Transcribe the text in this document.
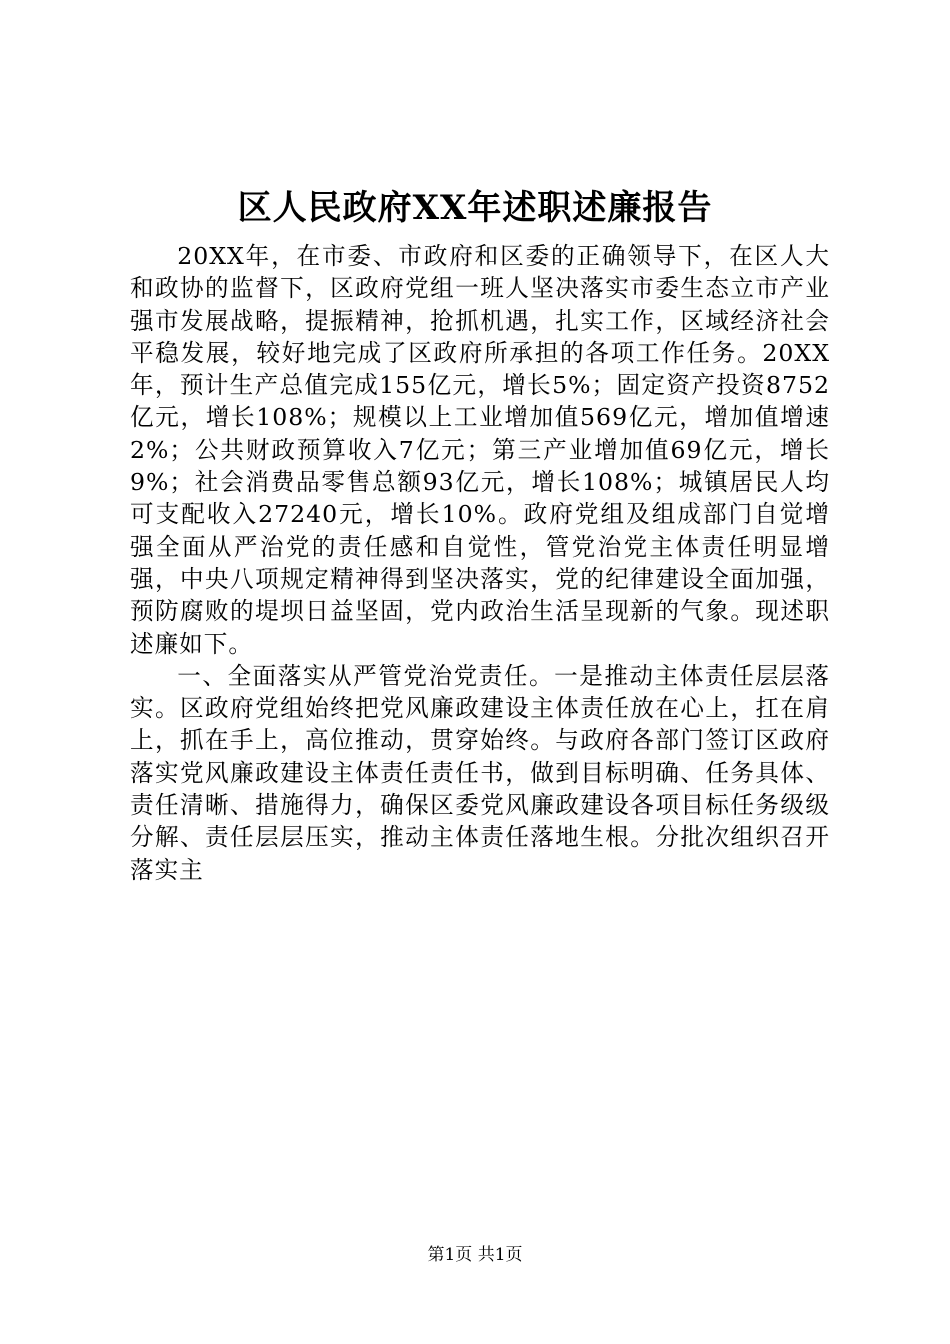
区人民政府XX年述职述廉报告

20XX年，在市委、市政府和区委的正确领导下，在区人大和政协的监督下，区政府党组一班人坚决落实市委生态立市产业强市发展战略，提振精神，抢抓机遇，扎实工作，区域经济社会平稳发展，较好地完成了区政府所承担的各项工作任务。20XX年，预计生产总值完成155亿元，增长5%；固定资产投资8752亿元，增长108%；规模以上工业增加值569亿元，增加值增速2%；公共财政预算收入7亿元；第三产业增加值69亿元，增长9%；社会消费品零售总额93亿元，增长108%；城镇居民人均可支配收入27240元，增长10%。政府党组及组成部门自觉增强全面从严治党的责任感和自觉性，管党治党主体责任明显增强，中央八项规定精神得到坚决落实，党的纪律建设全面加强，预防腐败的堤坝日益坚固，党内政治生活呈现新的气象。现述职述廉如下。

一、全面落实从严管党治党责任。一是推动主体责任层层落实。区政府党组始终把党风廉政建设主体责任放在心上，扛在肩上，抓在手上，高位推动，贯穿始终。与政府各部门签订区政府落实党风廉政建设主体责任责任书，做到目标明确、任务具体、责任清晰、措施得力，确保区委党风廉政建设各项目标任务级级分解、责任层层压实，推动主体责任落地生根。分批次组织召开落实主

第1页 共1页
